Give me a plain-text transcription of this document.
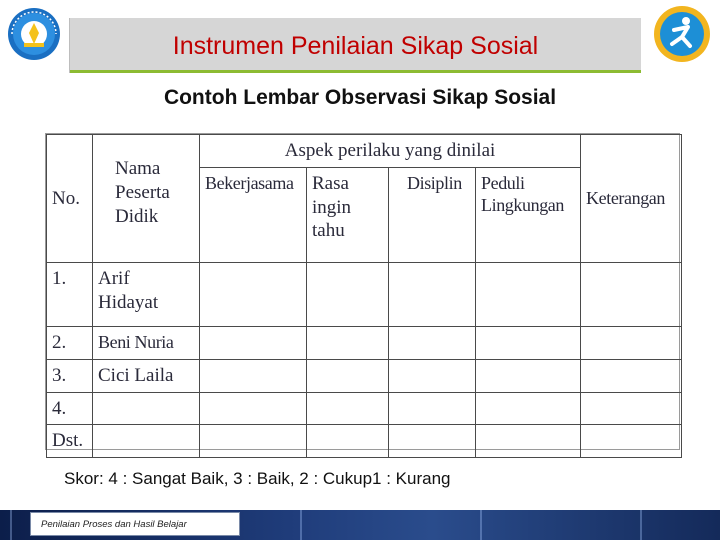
Instrumen Penilaian Sikap Sosial
Contoh Lembar Observasi Sikap Sosial
No.	Nama Peserta Didik	Aspek perilaku yang dinilai				Keterangan
		Bekerjasama	Rasa ingin tahu	Disiplin	Peduli Lingkungan	
1.	Arif Hidayat					
2.	Beni Nuria					
3.	Cici Laila					
4.						
Dst.						
Skor: 4 : Sangat Baik, 3 : Baik, 2 : Cukup1 : Kurang
Penilaian Proses dan Hasil Belajar
